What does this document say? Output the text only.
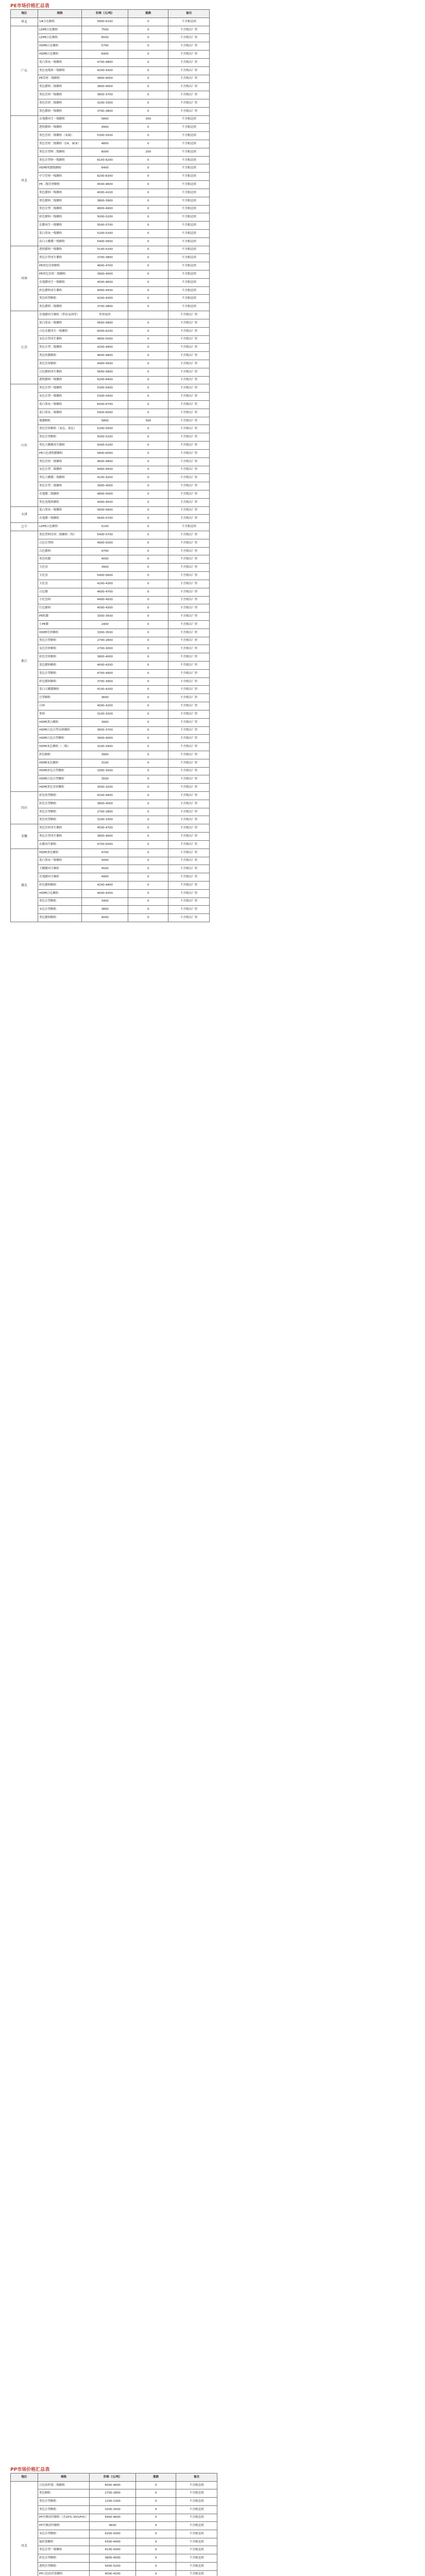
PE市场价格汇总表
地区	规格	价格（元/吨）	涨跌	备注
华北	1#白色颗粒	5900-6100	0	不含税送到
广东	LDPE白色颗粒	7500	0	不含税出厂价
	LDPE白色颗粒	6500	0	不含税出厂价
	HDPE白色颗粒	5700	0	不含税出厂价
	HDPE白色颗粒	6400	0	不含税出厂价
	蓝白黑灰一级颗粒	4700-4800	0	不含税出厂价
	黑色电缆料一级颗粒	4200-4300	0	不含税出厂价
	PE管材二级颗粒	3800-4000	0	不含税出厂价
	黑色膜料二级颗粒	3800-4000	0	不含税出厂价
	黑色管材一级颗粒	3600-3700	0	不含税出厂价
	黑色管材二级颗粒	3200-3300	0	不含税出厂价
	黑色膜料一级颗粒	3700-3800	0	不含税出厂价
河北	农地膜再生一级颗粒	5800	300	不含税送到
	透明膜料一级颗粒	4900	0	不含税送到
	黑色管材二级颗粒（灰破）	5300-5500	0	不含税送到
	黑色管材二级颗粒（CK、SCK）	4800	0	不含税送到
	黑色注塑料二级颗粒	6000	200	不含税送到
	黑色注塑料一级颗粒	6100-6200	0	不含税送到
	HDPE吹膜级颗粒	6400	0	不含税送到
	中空管材一级颗粒	6200-6300	0	不含税送到
	PE二级管材颗粒	4500-4600	0	不含税送到
	黑色膜料一级颗粒	4000-4100	0	不含税送到
	黑色膜料二级颗粒	3800-3900	0	不含税送到
	黑色注塑二级颗粒	4800-4900	0	不含税送到
	彩色膜料一级颗粒	5000-5200	0	不含税送到
	农膜再生一级颗粒	5500-5700	0	不含税送到
	蓝白黑灰一级颗粒	5200-5300	0	不含税送到
	高白大棚膜一级颗粒	5400-5600	0	不含税送到
河南	透明膜料一级颗粒	5100-5200	0	不含税送到
	黑色注塑再生颗粒	3700-3800	0	不含税送到
	PE黑色管材颗粒	4600-4700	0	不含税送到
	PE黑色管材二级颗粒	3900-4000	0	不含税送到
	农地膜再生一级颗粒	4500-4600	0	不含税送到
	彩色膜料再生颗粒	4400-4500	0	不含税送到
	黑色吹塑颗粒	4200-4300	0	不含税送到
	黑色膜料二级颗粒	3700-3800	0	不含税送到
江苏	农地膜再生颗粒（带抗氧剂等）	暂停报价		不含税出厂价
	蓝白黑灰一级颗粒	5600-5800	0	不含税出厂价
	白色农膜再生一级颗粒	6000-6200	0	不含税出厂价
	灰色注塑再生颗粒	4800-5000	0	不含税出厂价
	黑色注塑二级颗粒	4200-4400	0	不含税出厂价
	黑色吹膜颗粒	4600-4800	0	不含税出厂价
	黑色管材颗粒	4400-4500	0	不含税出厂价
	白色膜料再生颗粒	5600-5800	0	不含税出厂价
	透明膜料一级颗粒	6200-6400	0	不含税出厂价
山东	黑色注塑一级颗粒	5300-5400	0	不含税出厂价
	灰色注塑一级颗粒	5300-5400	0	不含税出厂价
	蓝白黑灰一级颗粒	6500-6700	0	不含税出厂价
	蓝白黑灰二级颗粒	5900-6000	0	不含税出厂价
	地膜颗粒	5800	300	不含税出厂价
	黑色管材颗粒（灰色、蓝色）	5200-5500	0	不含税出厂价
	黑色注塑颗粒	5000-5200	0	不含税出厂价
	黑色大棚膜再生颗粒	5000-5200	0	不含税出厂价
	PE白色透明膜颗粒	5800-6000	0	不含税出厂价
	黑色管材二级颗粒	4600-4800	0	不含税出厂价
	灰色注塑二级颗粒	4400-4500	0	不含税出厂价
	黑色大棚膜二级颗粒	4100-4200	0	不含税出厂价
	黑色注塑二级颗粒	3900-4000	0	不含税出厂价
	农地膜二级颗粒	4800-5000	0	不含税出厂价
	黑色电缆料颗粒	4400-4500	0	不含税出厂价
天津	蓝白黑灰一级颗粒	5600-5800	0	不含税出厂价
	农地膜一级颗粒	5600-5700	0	不含税出厂价
辽宁	LDPE白色颗粒	5100	0	不含税送到
浙江	黑色塑料管材二级颗粒（特）	5400-5700	0	不含税出厂价
	白色注塑料	4900-5000	0	不含税出厂价
	白色膜料	4700	0	不含税出厂价
	黑色吹膜	4000	0	不含税出厂价
	大托盘	3900	0	不含税出厂价
	大托盘	5400-5600	0	不含税出厂价
	大托盘	4200-4300	0	不含税出厂价
	白色膜	4600-4700	0	不含税出厂价
	小托盘料	4400-4500	0	不含税出厂价
	红色膜料	4000-4300	0	不含税出厂价
	PE吹膜	3300-3500	0	不含税出厂价
	小PE膜	2400	0	不含税出厂价
	HDPE管材颗粒	3300-3500	0	不含税出厂价
	黑色注塑颗粒	2700-2800	0	不含税出厂价
	灰色管材颗粒	2700-3000	0	不含税出厂价
	彩色管材颗粒	3800-4000	0	不含税出厂价
	蓝色膜料颗粒	4000-4200	0	不含税出厂价
	蓝色注塑颗粒	4700-4900	0	不含税出厂价
	彩色膜料颗粒	3700-3900	0	不含税出厂价
	蓝白大棚膜颗粒	4100-4200	0	不含税出厂价
	注塑颗粒	3600	0	不含税出厂价
	白料	4000-4200	0	不含税出厂价
	黑料	3100-3200	0	不含税出厂价
	HDPE黑白颗粒	3900	0	不含税出厂价
	HDPE白色注塑杂料颗粒	3600-3700	0	不含税出厂价
	HDPE白色注塑颗粒	3900-4000	0	不含税出厂价
	HDPE灰色颗粒（二级）	3200-3400	0	不含税出厂价
	彩色颗粒	3900	0	不含税出厂价
	HDPE灰色颗粒	3100	0	不含税出厂价
	HDPE彩色注塑颗粒	3300-3500	0	不含税出厂价
	HDPE白色注塑颗粒	3500	0	不含税出厂价
	HDPE黑色管材颗粒	3000-3200	0	不含税出厂价
四川	彩色吹塑颗粒	4200-4400	0	不含税出厂价
	彩色注塑颗粒	3800-4000	0	不含税出厂价
	黑色注塑颗粒	2700-2800	0	不含税出厂价
	黑色吹塑颗粒	3200-3300	0	不含税出厂价
安徽	黑色管材再生颗粒	4500-4700	0	不含税出厂价
	黑色注塑再生颗粒	3800-4000	0	不含税出厂价
	农膜再生颗粒	4700-5000	0	不含税出厂价
湖北	HDPE黑色颗粒	4700	0	不含税出厂价
	蓝白黑灰一级颗粒	5000	0	不含税出厂价
	大棚膜再生颗粒	4500	0	不含税出厂价
	农地膜再生颗粒	4900	0	不含税出厂价
	彩色膜料颗粒	4200-4400	0	不含税出厂价
	HDPE白色颗粒	4000-4300	0	不含税出厂价
	黑色注塑颗粒	3400	0	不含税出厂价
	灰色注塑颗粒	3800	0	不含税出厂价
	黑色膜料颗粒	4000	0	不含税出厂价
PP市场价格汇总表
地区	规格	价格（元/吨）	涨跌	备注
河北	白色纺织袋二级颗粒	4000-4600	0	不含税送到
	黑色颗粒	2700-2800	0	不含税送到
	黑色注塑颗粒	1200-1300	0	不含税送到
	黑色注塑颗粒	3200-3500	0	不含税送到
	PP共聚改性颗粒（含20%-30%PVC）	4400-4600	0	不含税送到
	PP共聚改性颗粒	4600	0	不含税送到
	灰色注塑颗粒	4200-4300	0	不含税送到
	编织袋颗粒	4300-4400	0	不含税送到
	黑色注塑一级颗粒	4100-4300	0	不含税送到
	彩色注塑颗粒	3800-4000	0	不含税送到
	透明注塑颗粒	5000-5200	0	不含税送到
	PP白色纺织袋颗粒	4000-4200	0	不含税送到
